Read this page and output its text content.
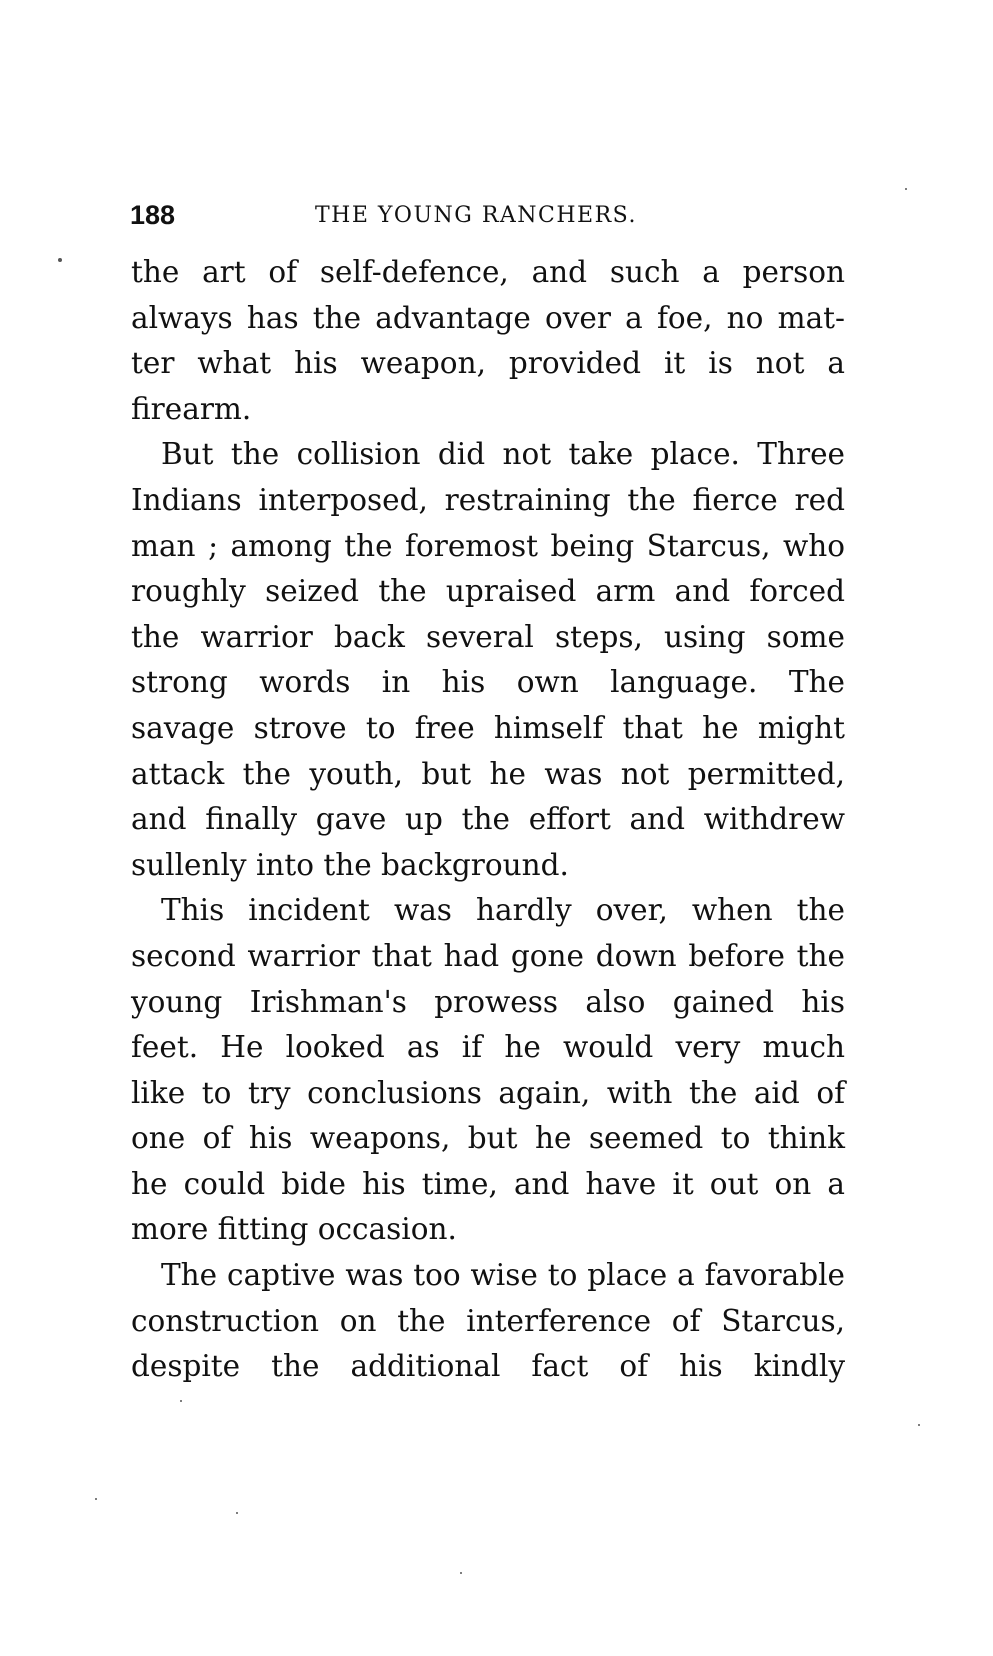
188	THE YOUNG RANCHERS.
the art of self-defence, and such a person
always has the advantage over a foe, no mat-
ter what his weapon, provided it is not a
firearm.
But the collision did not take place. Three
Indians interposed, restraining the fierce red
man ; among the foremost being Starcus, who
roughly seized the upraised arm and forced
the warrior back several steps, using some
strong words in his own language. The
savage strove to free himself that he might
attack the youth, but he was not permitted,
and finally gave up the effort and withdrew
sullenly into the background.
This incident was hardly over, when the
second warrior that had gone down before the
young Irishman's prowess also gained his
feet. He looked as if he would very much
like to try conclusions again, with the aid of
one of his weapons, but he seemed to think
he could bide his time, and have it out on a
more fitting occasion.
The captive was too wise to place a favorable
construction on the interference of Starcus,
despite the additional fact of his kindly
